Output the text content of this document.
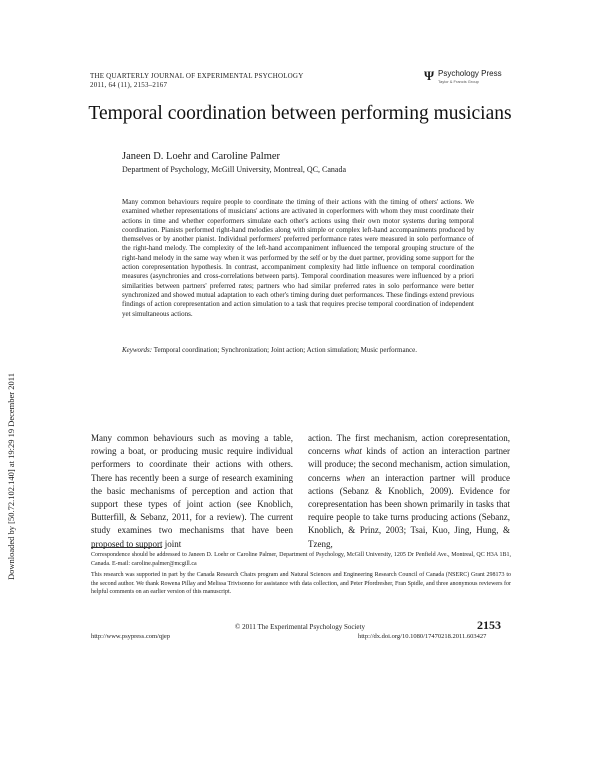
THE QUARTERLY JOURNAL OF EXPERIMENTAL PSYCHOLOGY
2011, 64 (11), 2153–2167
Ψ Psychology Press
Taylor & Francis Group
Temporal coordination between performing musicians
Janeen D. Loehr and Caroline Palmer
Department of Psychology, McGill University, Montreal, QC, Canada
Many common behaviours require people to coordinate the timing of their actions with the timing of others' actions. We examined whether representations of musicians' actions are activated in coperformers with whom they must coordinate their actions in time and whether coperformers simulate each other's actions using their own motor systems during temporal coordination. Pianists performed right-hand melodies along with simple or complex left-hand accompaniments produced by themselves or by another pianist. Individual performers' preferred performance rates were measured in solo performance of the right-hand melody. The complexity of the left-hand accompaniment influenced the temporal grouping structure of the right-hand melody in the same way when it was performed by the self or by the duet partner, providing some support for the action corepresentation hypothesis. In contrast, accompaniment complexity had little influence on temporal coordination measures (asynchronies and cross-correlations between parts). Temporal coordination measures were influenced by a priori similarities between partners' preferred rates; partners who had similar preferred rates in solo performance were better synchronized and showed mutual adaptation to each other's timing during duet performances. These findings extend previous findings of action corepresentation and action simulation to a task that requires precise temporal coordination of independent yet simultaneous actions.
Keywords: Temporal coordination; Synchronization; Joint action; Action simulation; Music performance.
Downloaded by [50.72.102.140] at 19:29 19 December 2011	Many common behaviours such as moving a table, rowing a boat, or producing music require individual performers to coordinate their actions with others. There has recently been a surge of research examining the basic mechanisms of perception and action that support these types of joint action (see Knoblich, Butterfill, & Sebanz, 2011, for a review). The current study examines two mechanisms that have been proposed to support joint
action. The first mechanism, action corepresentation, concerns what kinds of action an interaction partner will produce; the second mechanism, action simulation, concerns when an interaction partner will produce actions (Sebanz & Knoblich, 2009). Evidence for corepresentation has been shown primarily in tasks that require people to take turns producing actions (Sebanz, Knoblich, & Prinz, 2003; Tsai, Kuo, Jing, Hung, & Tzeng,
Correspondence should be addressed to Janeen D. Loehr or Caroline Palmer, Department of Psychology, McGill University, 1205 Dr Penfield Ave., Montreal, QC H3A 1B1, Canada. E-mail: caroline.palmer@mcgill.ca
This research was supported in part by the Canada Research Chairs program and Natural Sciences and Engineering Research Council of Canada (NSERC) Grant 298173 to the second author. We thank Rowena Pillay and Melissa Trivisonno for assistance with data collection, and Peter Pfordresher, Fran Spidle, and three anonymous reviewers for helpful comments on an earlier version of this manuscript.
© 2011 The Experimental Psychology Society	2153
http://www.psypress.com/qjep	http://dx.doi.org/10.1080/17470218.2011.603427
